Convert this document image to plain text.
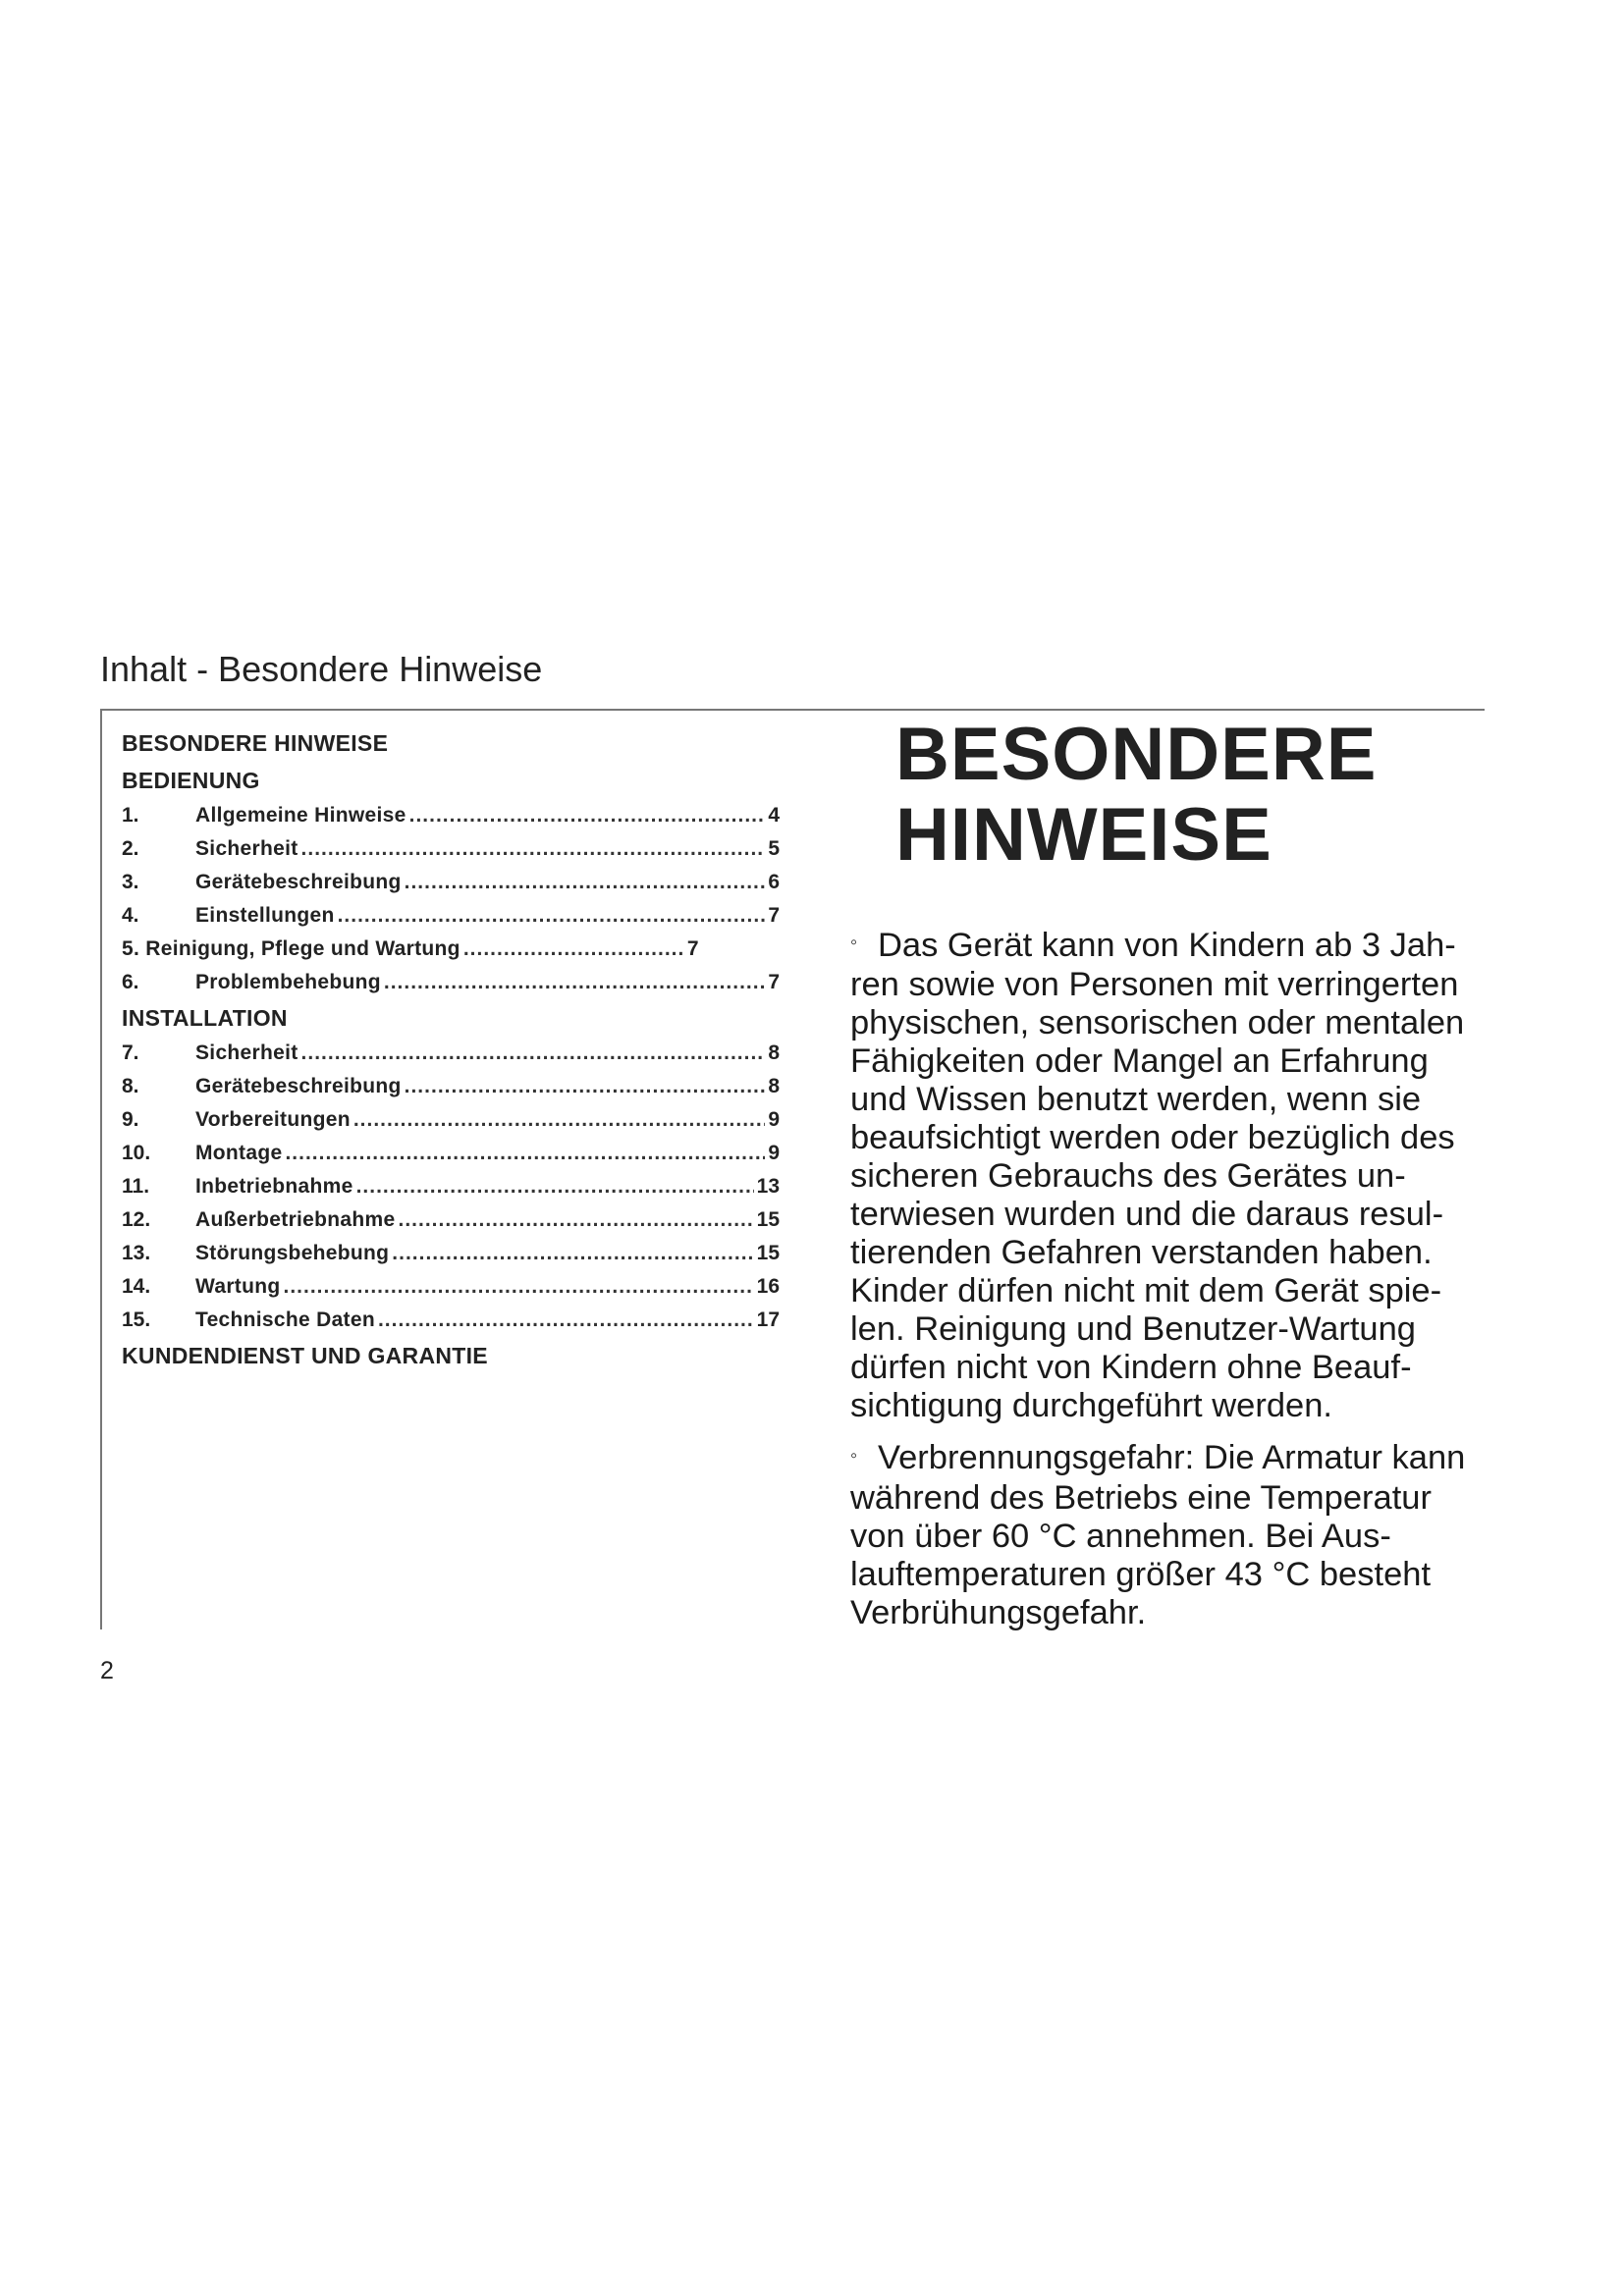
Inhalt - Besondere Hinweise
BESONDERE HINWEISE
BEDIENUNG
1.	Allgemeine Hinweise .....	4
2.	Sicherheit .....	5
3.	Gerätebeschreibung .....	6
4.	Einstellungen .....	7
5. Reinigung, Pflege und Wartung .....	7
6.	Problembehebung .....	7
INSTALLATION
7.	Sicherheit .....	8
8.	Gerätebeschreibung .....	8
9.	Vorbereitungen .....	9
10.	Montage .....	9
11.	Inbetriebnahme .....	13
12.	Außerbetriebnahme .....	15
13.	Störungsbehebung .....	15
14.	Wartung .....	16
15.	Technische Daten .....	17
KUNDENDIENST UND GARANTIE
BESONDERE
HINWEISE
◦ Das Gerät kann von Kindern ab 3 Jah-
ren sowie von Personen mit verringerten
physischen, sensorischen oder mentalen
Fähigkeiten oder Mangel an Erfahrung
und Wissen benutzt werden, wenn sie
beaufsichtigt werden oder bezüglich des
sicheren Gebrauchs des Gerätes un-
terwiesen wurden und die daraus resul-
tierenden Gefahren verstanden haben.
Kinder dürfen nicht mit dem Gerät spie-
len. Reinigung und Benutzer-Wartung
dürfen nicht von Kindern ohne Beauf-
sichtigung durchgeführt werden.
◦ Verbrennungsgefahr: Die Armatur kann
während des Betriebs eine Temperatur
von über 60 °C annehmen. Bei Aus-
lauftemperaturen größer 43 °C besteht
Verbrühungsgefahr.
2
